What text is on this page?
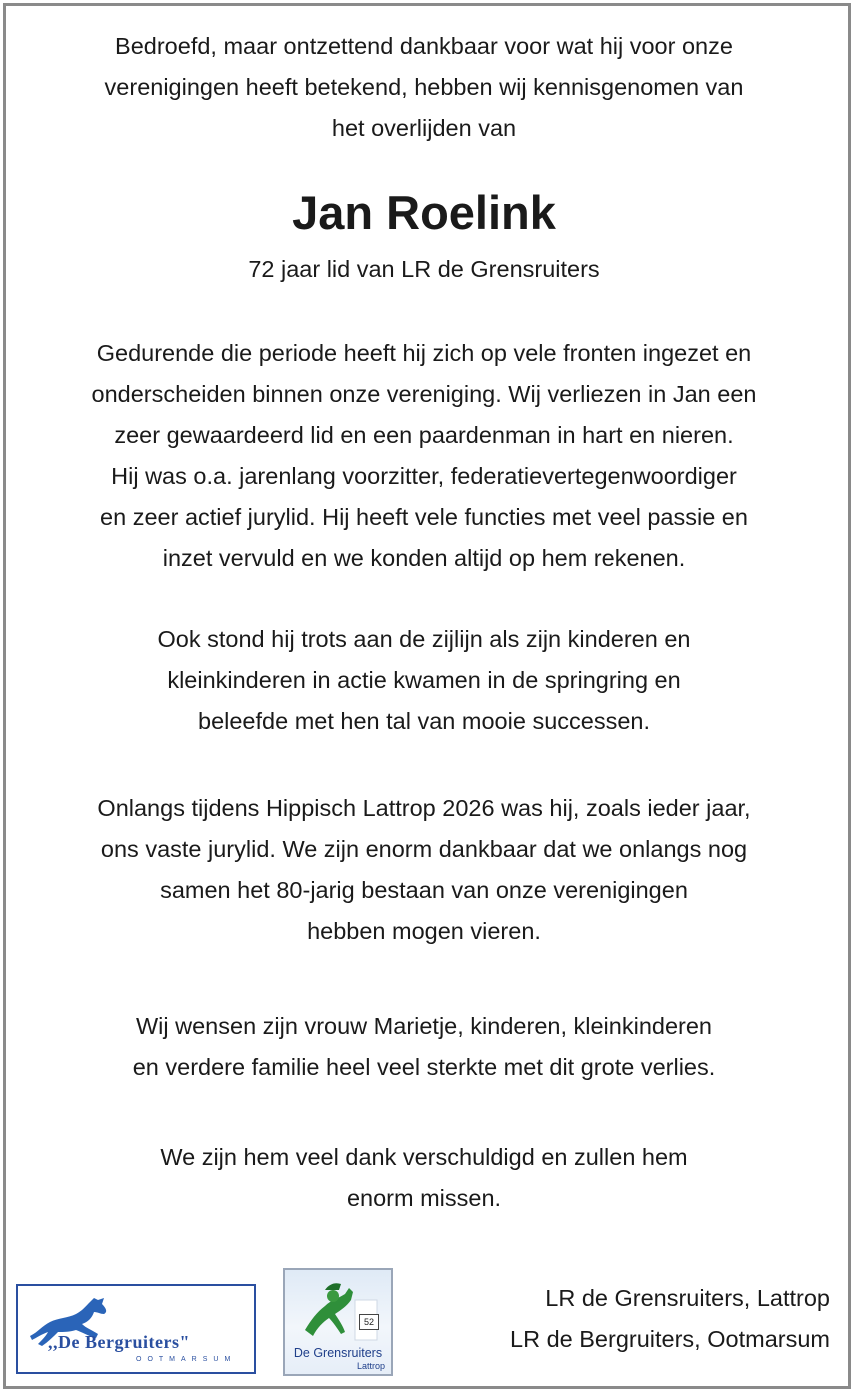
Bedroefd, maar ontzettend dankbaar voor wat hij voor onze
verenigingen heeft betekend, hebben wij kennisgenomen van
het overlijden van
Jan Roelink
72 jaar lid van LR de Grensruiters
Gedurende die periode heeft hij zich op vele fronten ingezet en
onderscheiden binnen onze vereniging. Wij verliezen in Jan een
zeer gewaardeerd lid en een paardenman in hart en nieren.
Hij was o.a. jarenlang voorzitter, federatievertegenwoordiger
en zeer actief jurylid. Hij heeft vele functies met veel passie en
inzet vervuld en we konden altijd op hem rekenen.
Ook stond hij trots aan de zijlijn als zijn kinderen en
kleinkinderen in actie kwamen in de springring en
beleefde met hen tal van mooie successen.
Onlangs tijdens Hippisch Lattrop 2026 was hij, zoals ieder jaar,
ons vaste jurylid. We zijn enorm dankbaar dat we onlangs nog
samen het 80-jarig bestaan van onze verenigingen
hebben mogen vieren.
Wij wensen zijn vrouw Marietje, kinderen, kleinkinderen
en verdere familie heel veel sterkte met dit grote verlies.
We zijn hem veel dank verschuldigd en zullen hem
enorm missen.
,,De Bergruiters"
OOTMARSUM
52
De Grensruiters
Lattrop
LR de Grensruiters, Lattrop
LR de Bergruiters, Ootmarsum
